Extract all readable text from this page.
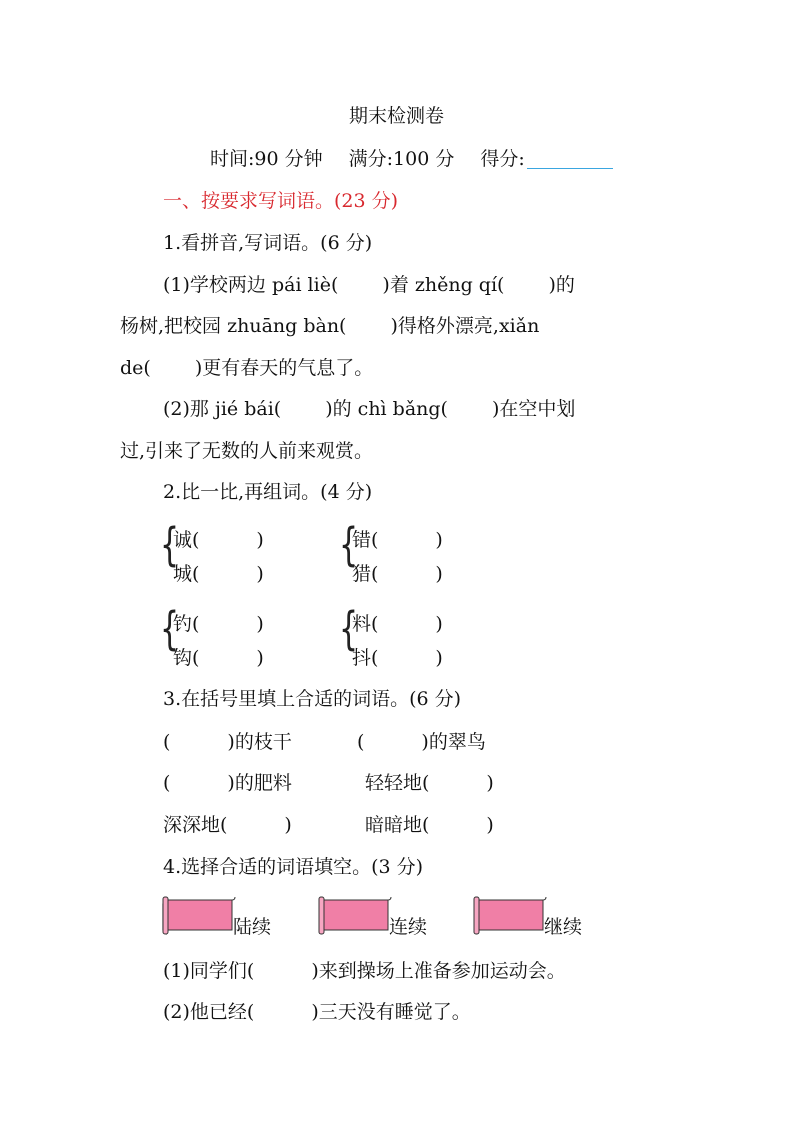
期末检测卷
时间:90 分钟 满分:100 分 得分:
一、按要求写词语。(23 分)
1.看拼音,写词语。(6 分)
(1)学校两边 pái liè(　　 )着 zhěng qí(　　 )的
杨树,把校园 zhuāng bàn(　　 )得格外漂亮,xiǎn
de(　　 )更有春天的气息了。
(2)那 jié bái(　　 )的 chì bǎng(　　 )在空中划
过,引来了无数的人前来观赏。
2.比一比,再组词。(4 分)
{
诚(　　　)
城(　　　)
{
错(　　　)
猎(　　　)
{
钓(　　　)
钩(　　　)
{
料(　　　)
抖(　　　)
3.在括号里填上合适的词语。(6 分)
(　　　)的枝干	(　　　)的翠鸟
(　　　)的肥料	轻轻地(　　　)
深深地(　　　)	暗暗地(　　　)
4.选择合适的词语填空。(3 分)
陆续	连续	继续
(1)同学们(　　　)来到操场上准备参加运动会。
(2)他已经(　　　)三天没有睡觉了。
